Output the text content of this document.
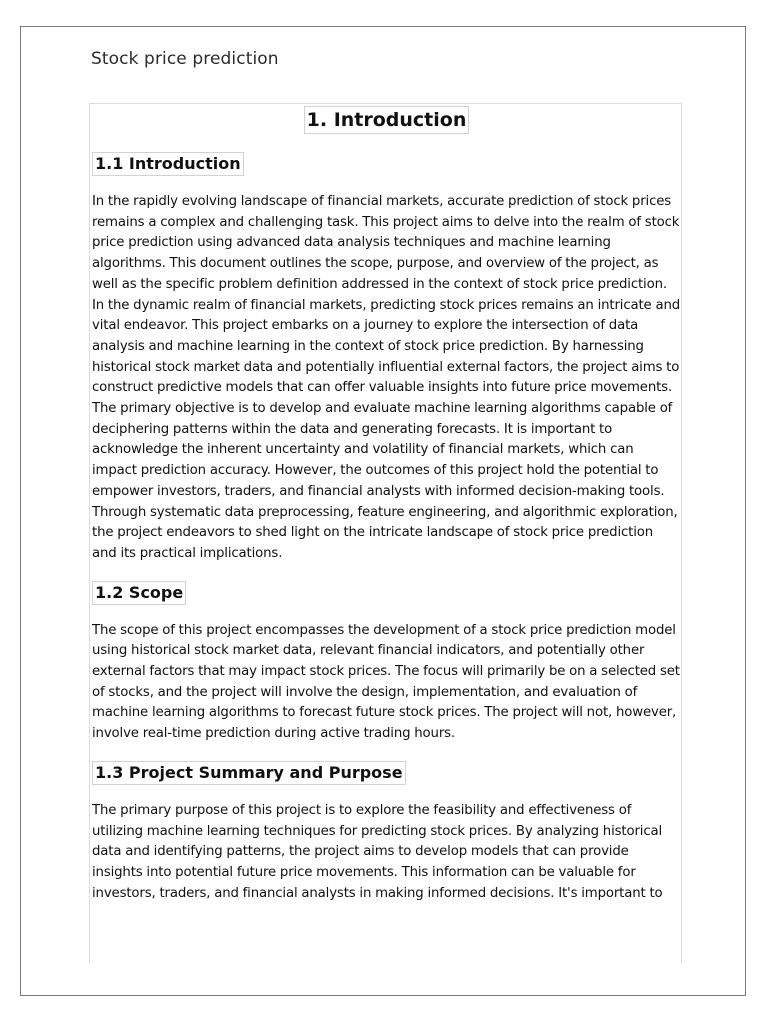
Stock price prediction
1. Introduction
1.1 Introduction

In the rapidly evolving landscape of financial markets, accurate prediction of stock prices remains a complex and challenging task. This project aims to delve into the realm of stock price prediction using advanced data analysis techniques and machine learning algorithms. This document outlines the scope, purpose, and overview of the project, as well as the specific problem definition addressed in the context of stock price prediction. In the dynamic realm of financial markets, predicting stock prices remains an intricate and vital endeavor. This project embarks on a journey to explore the intersection of data analysis and machine learning in the context of stock price prediction. By harnessing historical stock market data and potentially influential external factors, the project aims to construct predictive models that can offer valuable insights into future price movements. The primary objective is to develop and evaluate machine learning algorithms capable of deciphering patterns within the data and generating forecasts. It is important to acknowledge the inherent uncertainty and volatility of financial markets, which can impact prediction accuracy. However, the outcomes of this project hold the potential to empower investors, traders, and financial analysts with informed decision-making tools. Through systematic data preprocessing, feature engineering, and algorithmic exploration, the project endeavors to shed light on the intricate landscape of stock price prediction and its practical implications.

1.2 Scope

The scope of this project encompasses the development of a stock price prediction model using historical stock market data, relevant financial indicators, and potentially other external factors that may impact stock prices. The focus will primarily be on a selected set of stocks, and the project will involve the design, implementation, and evaluation of machine learning algorithms to forecast future stock prices. The project will not, however, involve real-time prediction during active trading hours.

1.3 Project Summary and Purpose

The primary purpose of this project is to explore the feasibility and effectiveness of utilizing machine learning techniques for predicting stock prices. By analyzing historical data and identifying patterns, the project aims to develop models that can provide insights into potential future price movements. This information can be valuable for investors, traders, and financial analysts in making informed decisions. It's important to
